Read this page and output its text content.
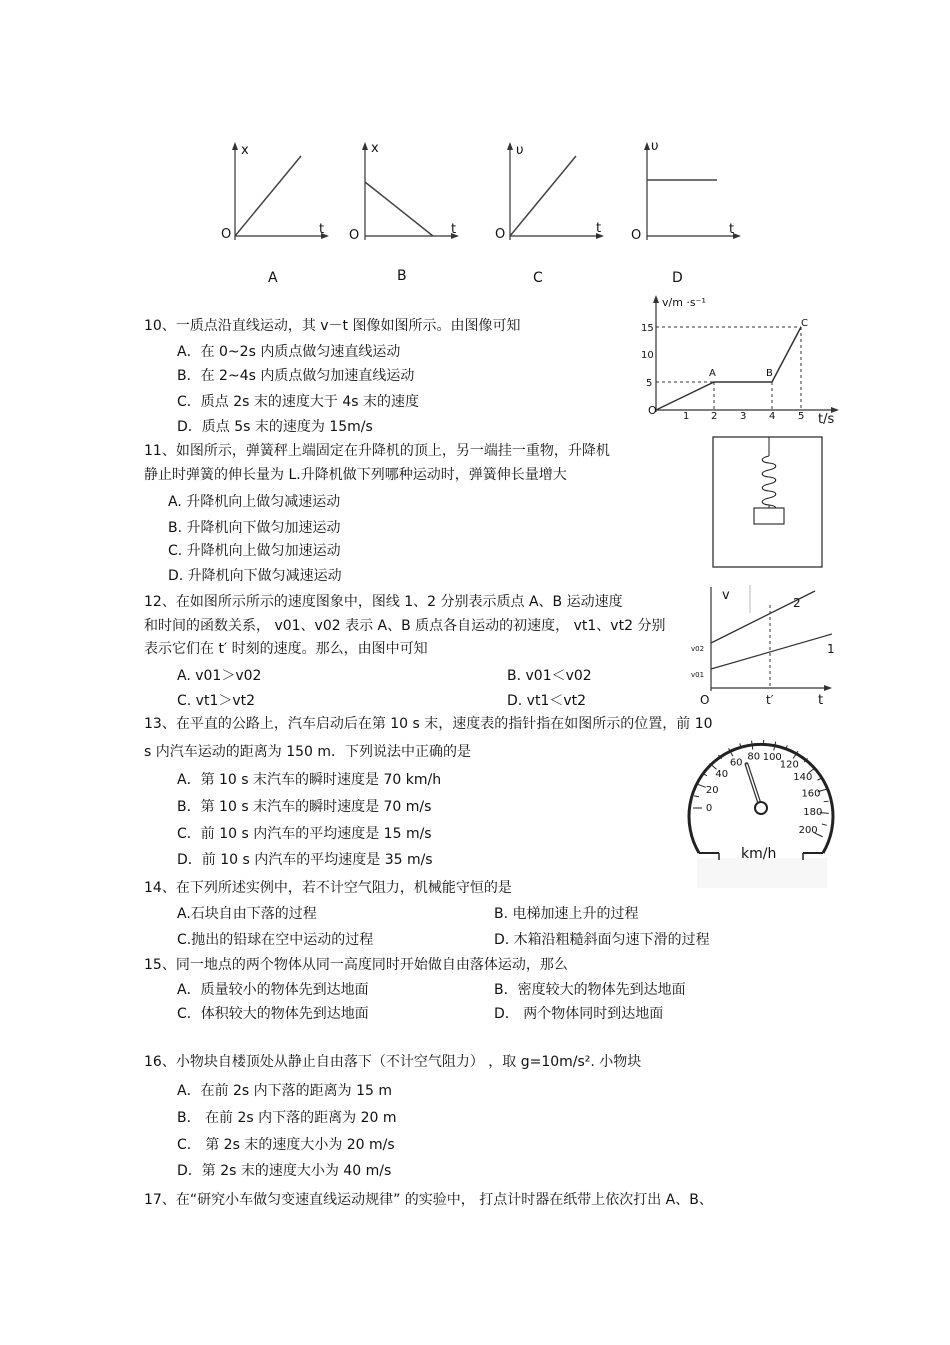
x
t
O
x
t
O
υ
t
O
υ
t
O
A	B	C	D
10、一质点沿直线运动，其 v－t 图像如图所示。由图像可知
A．在 0~2s 内质点做匀速直线运动
B．在 2~4s 内质点做匀加速直线运动
C．质点 2s 末的速度大于 4s 末的速度
D．质点 5s 末的速度为 15m/s
v/m ·s⁻¹
t/s
O
15
10
5
1 2 3 4 5
A	B
C
11、如图所示，弹簧秤上端固定在升降机的顶上，另一端挂一重物，升降机
静止时弹簧的伸长量为 L.升降机做下列哪种运动时，弹簧伸长量增大
A. 升降机向上做匀减速运动
B. 升降机向下做匀加速运动
C. 升降机向上做匀加速运动
D. 升降机向下做匀减速运动
12、在如图所示所示的速度图象中，图线 1、2 分别表示质点 A、B 运动速度
和时间的函数关系， v01、v02 表示 A、B 质点各自运动的初速度， vt1、vt2 分别
表示它们在 t′ 时刻的速度。那么，由图中可知
A. v01＞v02	B. v01＜v02
C. vt1＞vt2	D. vt1＜vt2
v
t
O	t′
v02
v01
2
1
13、在平直的公路上，汽车启动后在第 10 s 末，速度表的指针指在如图所示的位置，前 10
s 内汽车运动的距离为 150 m．下列说法中正确的是
A．第 10 s 末汽车的瞬时速度是 70 km/h
B．第 10 s 末汽车的瞬时速度是 70 m/s
C．前 10 s 内汽车的平均速度是 15 m/s
D．前 10 s 内汽车的平均速度是 35 m/s
0
20
40
60
80 100
120
140
160
180
200
km/h
14、在下列所述实例中，若不计空气阻力，机械能守恒的是
A.石块自由下落的过程	B. 电梯加速上升的过程
C.抛出的铅球在空中运动的过程	D. 木箱沿粗糙斜面匀速下滑的过程
15、同一地点的两个物体从同一高度同时开始做自由落体运动，那么
A．质量较小的物体先到达地面	B．密度较大的物体先到达地面
C．体积较大的物体先到达地面	D． 两个物体同时到达地面
16、小物块自楼顶处从静止自由落下（不计空气阻力） ，取 g=10m/s². 小物块
A．在前 2s 内下落的距离为 15 m
B． 在前 2s 内下落的距离为 20 m
C． 第 2s 末的速度大小为 20 m/s
D．第 2s 末的速度大小为 40 m/s
17、在“研究小车做匀变速直线运动规律” 的实验中， 打点计时器在纸带上依次打出 A、B、
